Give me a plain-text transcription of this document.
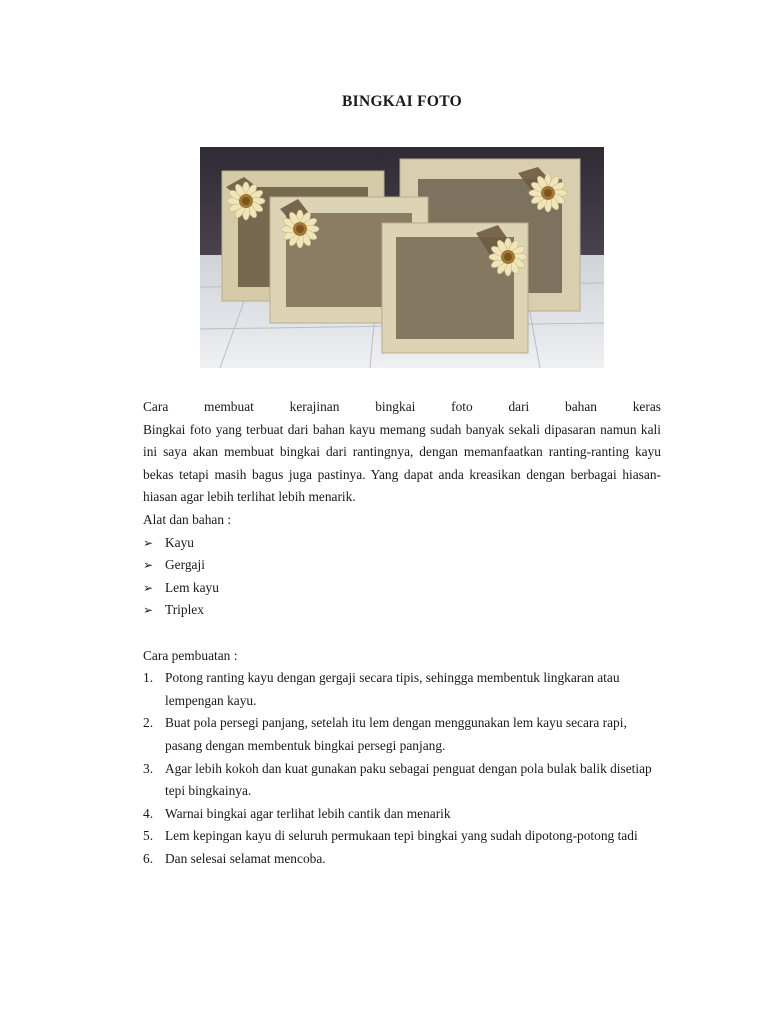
BINGKAI FOTO
Cara membuat kerajinan bingkai foto dari bahan keras
Bingkai foto yang terbuat dari bahan kayu memang sudah banyak sekali dipasaran namun kali ini saya akan membuat bingkai dari rantingnya, dengan memanfaatkan ranting-ranting kayu bekas tetapi masih bagus juga pastinya. Yang dapat anda kreasikan dengan berbagai hiasan-hiasan agar lebih terlihat lebih menarik.
Alat dan bahan :
➢ Kayu
➢ Gergaji
➢ Lem kayu
➢ Triplex
Cara pembuatan :
1. Potong ranting kayu dengan gergaji secara tipis, sehingga membentuk lingkaran atau lempengan kayu.
2. Buat pola persegi panjang, setelah itu lem dengan menggunakan lem kayu secara rapi, pasang dengan membentuk bingkai persegi panjang.
3. Agar lebih kokoh dan kuat gunakan paku sebagai penguat dengan pola bulak balik disetiap tepi bingkainya.
4. Warnai bingkai agar terlihat lebih cantik dan menarik
5. Lem kepingan kayu di seluruh permukaan tepi bingkai yang sudah dipotong-potong tadi
6. Dan selesai selamat mencoba.
